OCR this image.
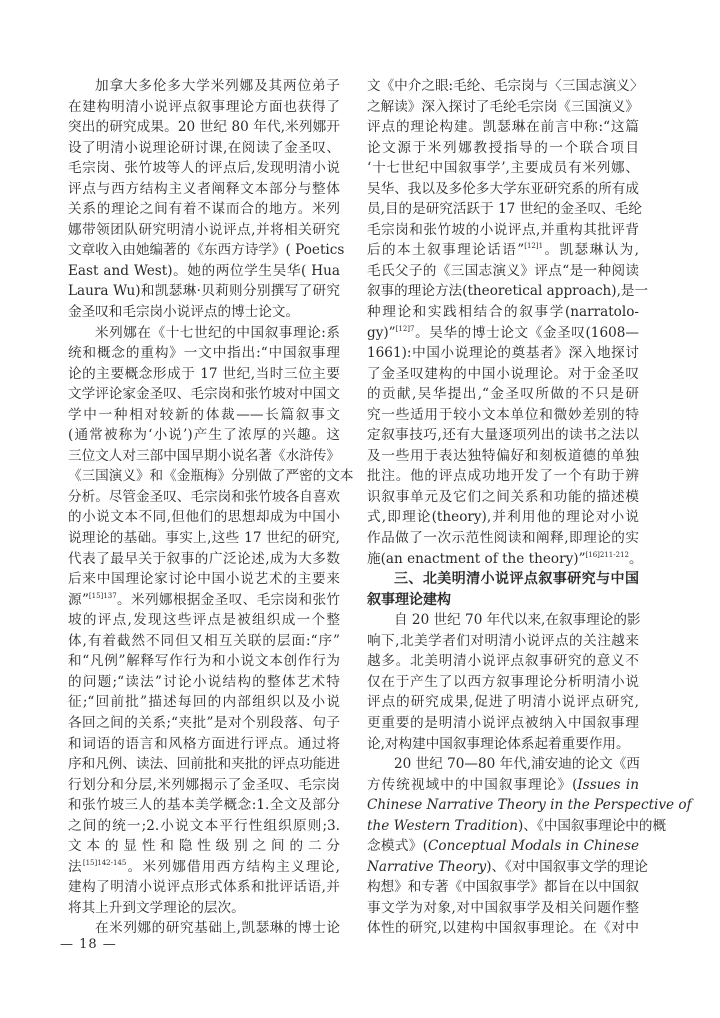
加拿大多伦多大学米列娜及其两位弟子
在建构明清小说评点叙事理论方面也获得了
突出的研究成果。20 世纪 80 年代,米列娜开
设了明清小说理论研讨课,在阅读了金圣叹、
毛宗岗、张竹坡等人的评点后,发现明清小说
评点与西方结构主义者阐释文本部分与整体
关系的理论之间有着不谋而合的地方。米列
娜带领团队研究明清小说评点,并将相关研究
文章收入由她编著的《东西方诗学》( Poetics
East and West)。她的两位学生吴华( Hua
Laura Wu)和凯瑟琳·贝莉则分别撰写了研究
金圣叹和毛宗岗小说评点的博士论文。
米列娜在《十七世纪的中国叙事理论:系
统和概念的重构》一文中指出:“中国叙事理
论的主要概念形成于 17 世纪,当时三位主要
文学评论家金圣叹、毛宗岗和张竹坡对中国文
学中一种相对较新的体裁——长篇叙事文
(通常被称为‘小说’)产生了浓厚的兴趣。这
三位文人对三部中国早期小说名著《水浒传》
《三国演义》和《金瓶梅》分别做了严密的文本
分析。尽管金圣叹、毛宗岗和张竹坡各自喜欢
的小说文本不同,但他们的思想却成为中国小
说理论的基础。事实上,这些 17 世纪的研究,
代表了最早关于叙事的广泛论述,成为大多数
后来中国理论家讨论中国小说艺术的主要来
源”$^{[15]137}$。米列娜根据金圣叹、毛宗岗和张竹
坡的评点,发现这些评点是被组织成一个整
体,有着截然不同但又相互关联的层面:“序”
和“凡例”解释写作行为和小说文本创作行为
的问题;“读法”讨论小说结构的整体艺术特
征;“回前批”描述每回的内部组织以及小说
各回之间的关系;“夹批”是对个别段落、句子
和词语的语言和风格方面进行评点。通过将
序和凡例、读法、回前批和夹批的评点功能进
行划分和分层,米列娜揭示了金圣叹、毛宗岗
和张竹坡三人的基本美学概念:1.全文及部分
之间的统一;2.小说文本平行性组织原则;3.
文本的显性和隐性级别之间的二分
法$^{[15]142-145}$。米列娜借用西方结构主义理论,
建构了明清小说评点形式体系和批评话语,并
将其上升到文学理论的层次。
在米列娜的研究基础上,凯瑟琳的博士论
文《中介之眼:毛纶、毛宗岗与〈三国志演义〉
之解读》深入探讨了毛纶毛宗岗《三国演义》
评点的理论构建。凯瑟琳在前言中称:“这篇
论文源于米列娜教授指导的一个联合项目
‘十七世纪中国叙事学’,主要成员有米列娜、
吴华、我以及多伦多大学东亚研究系的所有成
员,目的是研究活跃于 17 世纪的金圣叹、毛纶
毛宗岗和张竹坡的小说评点,并重构其批评背
后的本土叙事理论话语”$^{[12]1}$。凯瑟琳认为,
毛氏父子的《三国志演义》评点“是一种阅读
叙事的理论方法(theoretical approach),是一
种理论和实践相结合的叙事学(narratolo-
gy)”$^{[12]7}$。吴华的博士论文《金圣叹(1608—
1661):中国小说理论的奠基者》深入地探讨
了金圣叹建构的中国小说理论。对于金圣叹
的贡献,吴华提出,“金圣叹所做的不只是研
究一些适用于较小文本单位和微妙差别的特
定叙事技巧,还有大量逐项列出的读书之法以
及一些用于表达独特偏好和刻板道德的单独
批注。他的评点成功地开发了一个有助于辨
识叙事单元及它们之间关系和功能的描述模
式,即理论(theory),并利用他的理论对小说
作品做了一次示范性阅读和阐释,即理论的实
施(an enactment of the theory)”$^{[16]211-212}$。
三、北美明清小说评点叙事研究与中国
叙事理论建构
自 20 世纪 70 年代以来,在叙事理论的影
响下,北美学者们对明清小说评点的关注越来
越多。北美明清小说评点叙事研究的意义不
仅在于产生了以西方叙事理论分析明清小说
评点的研究成果,促进了明清小说评点研究,
更重要的是明清小说评点被纳入中国叙事理
论,对构建中国叙事理论体系起着重要作用。
20 世纪 70—80 年代,浦安迪的论文《西
方传统视域中的中国叙事理论》(Issues in
Chinese Narrative Theory in the Perspective of
the Western Tradition)、《中国叙事理论中的概
念模式》(Conceptual Modals in Chinese
Narrative Theory)、《对中国叙事文学的理论
构想》和专著《中国叙事学》都旨在以中国叙
事文学为对象,对中国叙事学及相关问题作整
体性的研究,以建构中国叙事理论。在《对中
— 18 —
